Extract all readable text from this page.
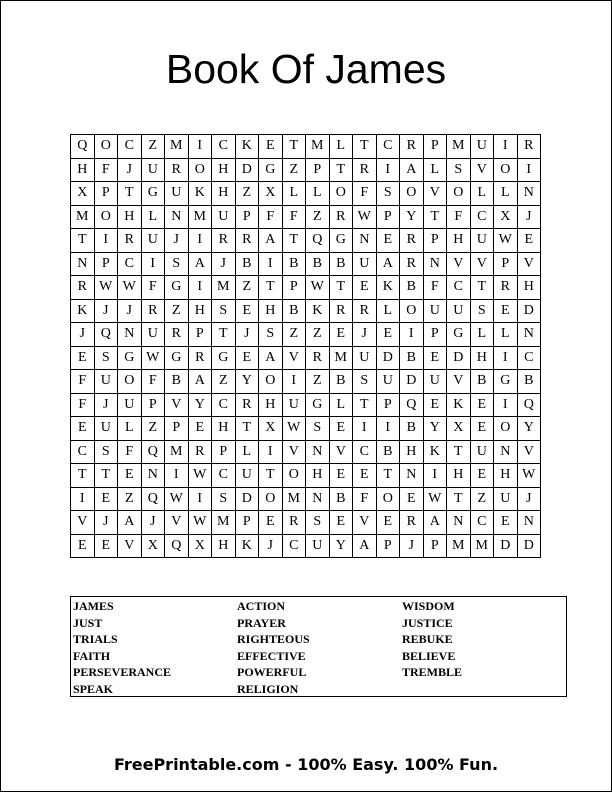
Book Of James
Q	O	C	Z	M	I	C	K	E	T	M	L	T	C	R	P	M	U	I	R
H	F	J	U	R	O	H	D	G	Z	P	T	R	I	A	L	S	V	O	I
X	P	T	G	U	K	H	Z	X	L	L	O	F	S	O	V	O	L	L	N
M	O	H	L	N	M	U	P	F	F	Z	R	W	P	Y	T	F	C	X	J
T	I	R	U	J	I	R	R	A	T	Q	G	N	E	R	P	H	U	W	E
N	P	C	I	S	A	J	B	I	B	B	B	U	A	R	N	V	V	P	V
R	W	W	F	G	I	M	Z	T	P	W	T	E	K	B	F	C	T	R	H
K	J	J	R	Z	H	S	E	H	B	K	R	R	L	O	U	U	S	E	D
J	Q	N	U	R	P	T	J	S	Z	Z	E	J	E	I	P	G	L	L	N
E	S	G	W	G	R	G	E	A	V	R	M	U	D	B	E	D	H	I	C
F	U	O	F	B	A	Z	Y	O	I	Z	B	S	U	D	U	V	B	G	B
F	J	U	P	V	Y	C	R	H	U	G	L	T	P	Q	E	K	E	I	Q
E	U	L	Z	P	E	H	T	X	W	S	E	I	I	B	Y	X	E	O	Y
C	S	F	Q	M	R	P	L	I	V	N	V	C	B	H	K	T	U	N	V
T	T	E	N	I	W	C	U	T	O	H	E	E	T	N	I	H	E	H	W
I	E	Z	Q	W	I	S	D	O	M	N	B	F	O	E	W	T	Z	U	J
V	J	A	J	V	W	M	P	E	R	S	E	V	E	R	A	N	C	E	N
E	E	V	X	Q	X	H	K	J	C	U	Y	A	P	J	P	M	M	D	D
JAMES
JUST
TRIALS
FAITH
PERSEVERANCE
SPEAK
ACTION
PRAYER
RIGHTEOUS
EFFECTIVE
POWERFUL
RELIGION
WISDOM
JUSTICE
REBUKE
BELIEVE
TREMBLE
FreePrintable.com - 100% Easy. 100% Fun.
